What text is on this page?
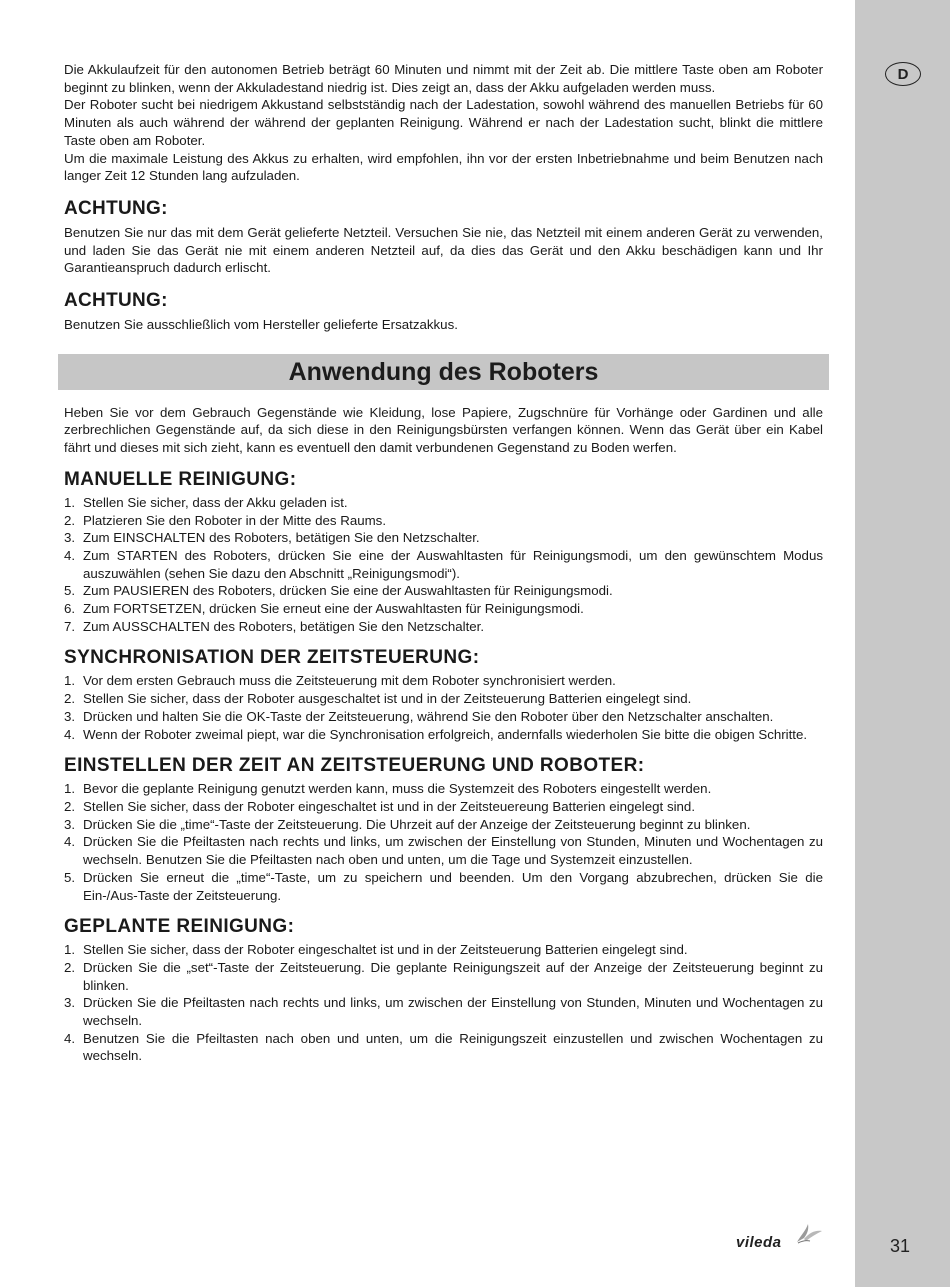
D
31

Die Akkulaufzeit für den autonomen Betrieb beträgt 60 Minuten und nimmt mit der Zeit ab. Die mittlere Taste oben am Roboter beginnt zu blinken, wenn der Akkuladestand niedrig ist. Dies zeigt an, dass der Akku aufgeladen werden muss.

Der Roboter sucht bei niedrigem Akkustand selbstständig nach der Ladestation, sowohl während des manuellen Betriebs für 60 Minuten als auch während der während der geplanten Reinigung. Während er nach der Ladestation sucht, blinkt die mittlere Taste oben am Roboter.

Um die maximale Leistung des Akkus zu erhalten, wird empfohlen, ihn vor der ersten Inbetriebnahme und beim Benutzen nach langer Zeit 12 Stunden lang aufzuladen.

ACHTUNG:

Benutzen Sie nur das mit dem Gerät gelieferte Netzteil. Versuchen Sie nie, das Netzteil mit einem anderen Gerät zu verwenden, und laden Sie das Gerät nie mit einem anderen Netzteil auf, da dies das Gerät und den Akku beschädigen kann und Ihr Garantieanspruch dadurch erlischt.

ACHTUNG:

Benutzen Sie ausschließlich vom Hersteller gelieferte Ersatzakkus.

Anwendung des Roboters

Heben Sie vor dem Gebrauch Gegenstände wie Kleidung, lose Papiere, Zugschnüre für Vorhänge oder Gardinen und alle zerbrechlichen Gegenstände auf, da sich diese in den Reinigungsbürsten verfangen können. Wenn das Gerät über ein Kabel fährt und dieses mit sich zieht, kann es eventuell den damit verbundenen Gegenstand zu Boden werfen.

MANUELLE REINIGUNG:
1. Stellen Sie sicher, dass der Akku geladen ist.
2. Platzieren Sie den Roboter in der Mitte des Raums.
3. Zum EINSCHALTEN des Roboters, betätigen Sie den Netzschalter.
4. Zum STARTEN des Roboters, drücken Sie eine der Auswahltasten für Reinigungsmodi, um den gewünschtem Modus auszuwählen (sehen Sie dazu den Abschnitt „Reinigungsmodi“).
5. Zum PAUSIEREN des Roboters, drücken Sie eine der Auswahltasten für Reinigungsmodi.
6. Zum FORTSETZEN, drücken Sie erneut eine der Auswahltasten für Reinigungsmodi.
7. Zum AUSSCHALTEN des Roboters, betätigen Sie den Netzschalter.
SYNCHRONISATION DER ZEITSTEUERUNG:
1. Vor dem ersten Gebrauch muss die Zeitsteuerung mit dem Roboter synchronisiert werden.
2. Stellen Sie sicher, dass der Roboter ausgeschaltet ist und in der Zeitsteuerung Batterien eingelegt sind.
3. Drücken und halten Sie die OK-Taste der Zeitsteuerung, während Sie den Roboter über den Netzschalter anschalten.
4. Wenn der Roboter zweimal piept, war die Synchronisation erfolgreich, andernfalls wiederholen Sie bitte die obigen Schritte.
EINSTELLEN DER ZEIT AN ZEITSTEUERUNG UND ROBOTER:
1. Bevor die geplante Reinigung genutzt werden kann, muss die Systemzeit des Roboters eingestellt werden.
2. Stellen Sie sicher, dass der Roboter eingeschaltet ist und in der Zeitsteuereung Batterien eingelegt sind.
3. Drücken Sie die „time“-Taste der Zeitsteuerung. Die Uhrzeit auf der Anzeige der Zeitsteuerung beginnt zu blinken.
4. Drücken Sie die Pfeiltasten nach rechts und links, um zwischen der Einstellung von Stunden, Minuten und Wochentagen zu wechseln. Benutzen Sie die Pfeiltasten nach oben und unten, um die Tage und Systemzeit einzustellen.
5. Drücken Sie erneut die „time“-Taste, um zu speichern und beenden. Um den Vorgang abzubrechen, drücken Sie die Ein-/Aus-Taste der Zeitsteuerung.
GEPLANTE REINIGUNG:
1. Stellen Sie sicher, dass der Roboter eingeschaltet ist und in der Zeitsteuerung Batterien eingelegt sind.
2. Drücken Sie die „set“-Taste der Zeitsteuerung. Die geplante Reinigungszeit auf der Anzeige der Zeitsteuerung beginnt zu blinken.
3. Drücken Sie die Pfeiltasten nach rechts und links, um zwischen der Einstellung von Stunden, Minuten und Wochentagen zu wechseln.
4. Benutzen Sie die Pfeiltasten nach oben und unten, um die Reinigungszeit einzustellen und zwischen Wochentagen zu wechseln.
vileda
